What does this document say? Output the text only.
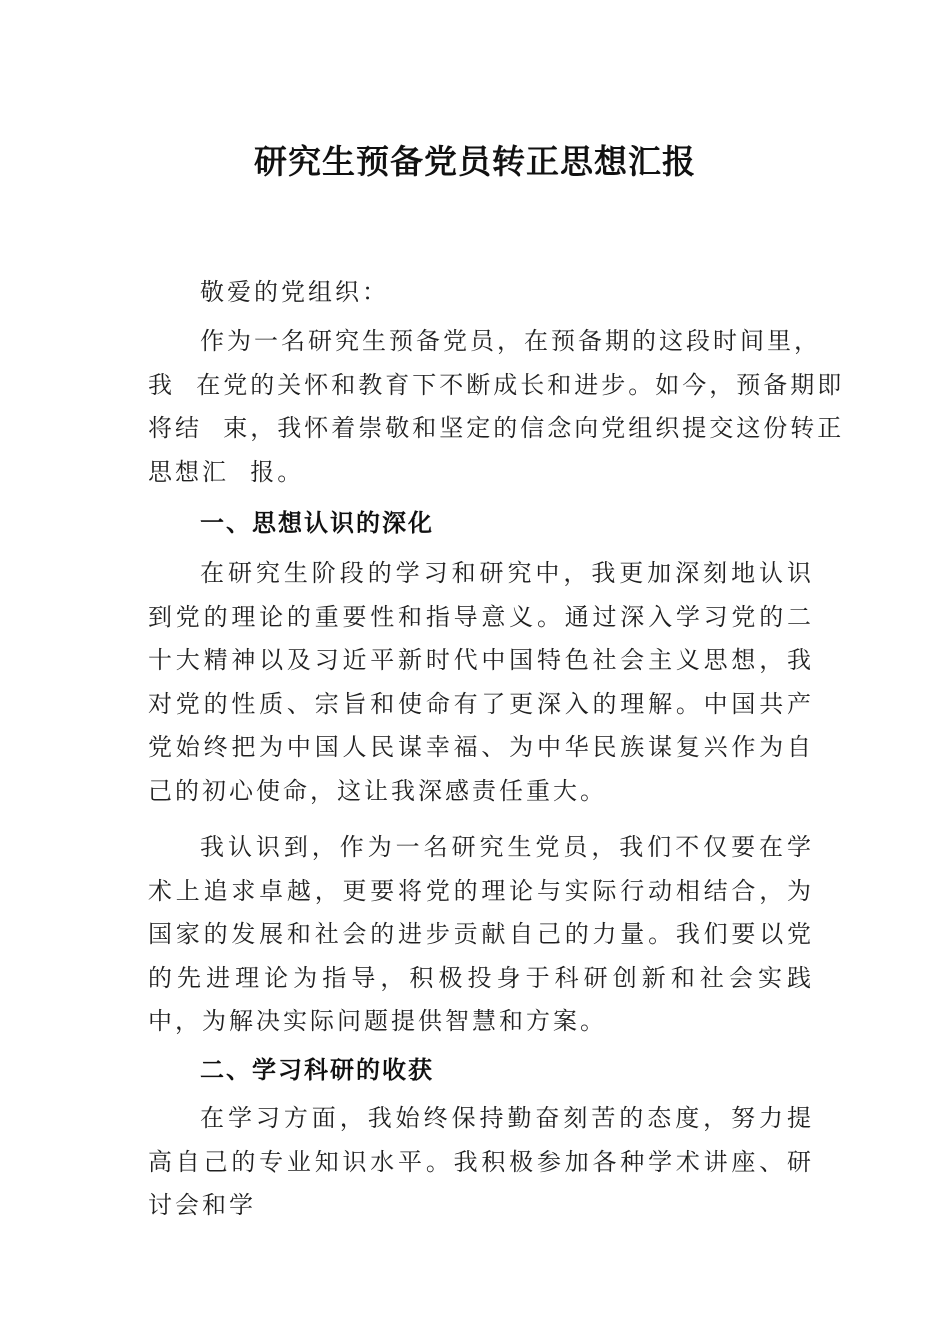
研究生预备党员转正思想汇报
敬爱的党组织：
作为一名研究生预备党员，在预备期的这段时间里，
我  在党的关怀和教育下不断成长和进步。如今，预备期即
将结  束，我怀着崇敬和坚定的信念向党组织提交这份转正
思想汇  报。
一、思想认识的深化

在研究生阶段的学习和研究中，我更加深刻地认识到党的理论的重要性和指导意义。通过深入学习党的二十大精神以及习近平新时代中国特色社会主义思想，我对党的性质、宗旨和使命有了更深入的理解。中国共产党始终把为中国人民谋幸福、为中华民族谋复兴作为自己的初心使命，这让我深感责任重大。

我认识到，作为一名研究生党员，我们不仅要在学术上追求卓越，更要将党的理论与实际行动相结合，为国家的发展和社会的进步贡献自己的力量。我们要以党的先进理论为指导，积极投身于科研创新和社会实践中，为解决实际问题提供智慧和方案。

二、学习科研的收获

在学习方面，我始终保持勤奋刻苦的态度，努力提高自己的专业知识水平。我积极参加各种学术讲座、研讨会和学
